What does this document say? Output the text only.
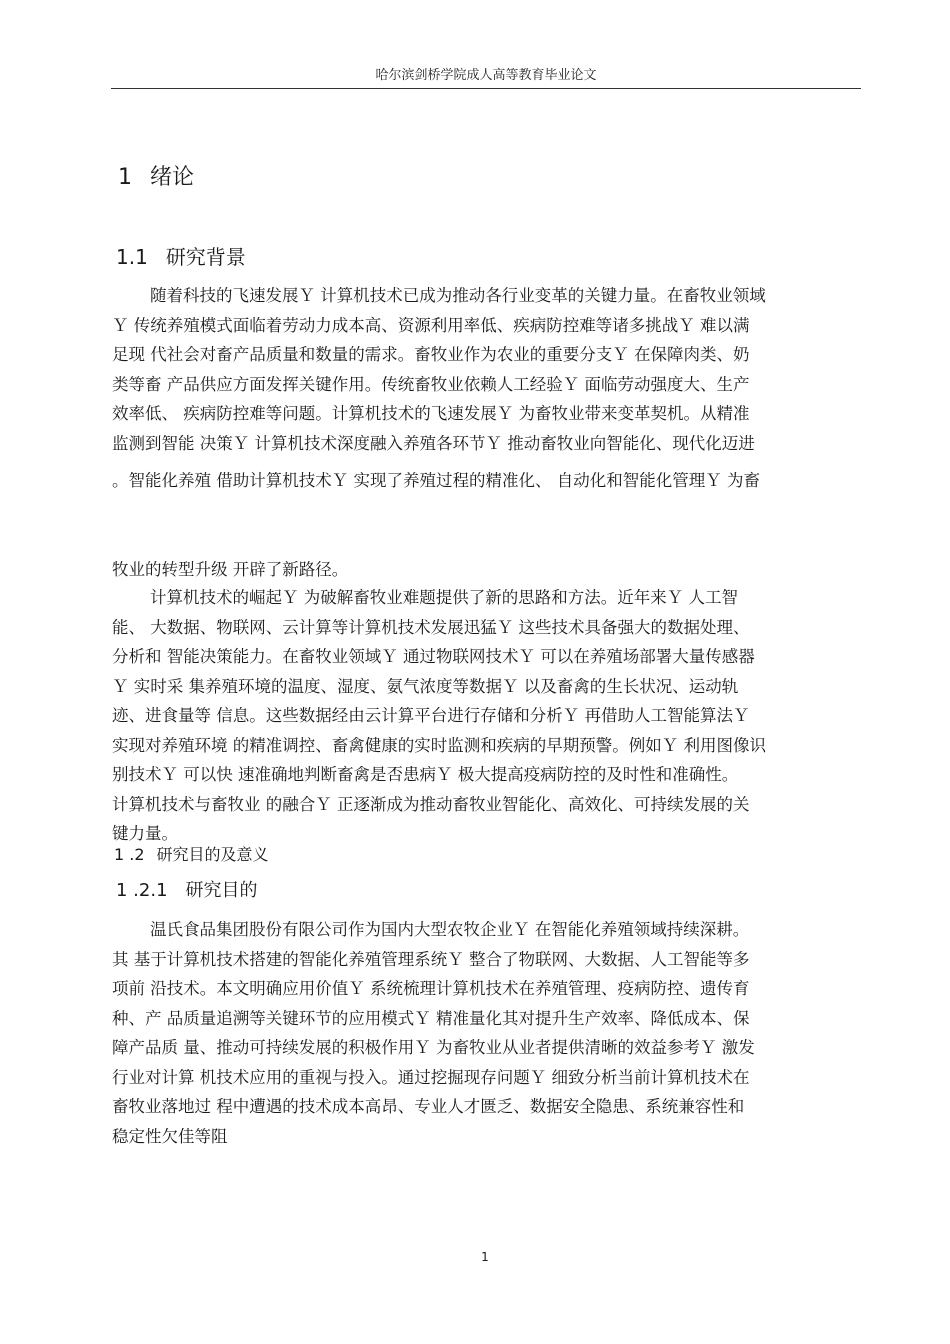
哈尔滨剑桥学院成人高等教育毕业论文
1 绪论
1.1 研究背景
随着科技的飞速发展Ｙ 计算机技术已成为推动各行业变革的关键力量。在畜牧业领域
Ｙ 传统养殖模式面临着劳动力成本高、资源利用率低、疾病防控难等诸多挑战Ｙ 难以满
足现 代社会对畜产品质量和数量的需求。畜牧业作为农业的重要分支Ｙ 在保障肉类、奶
类等畜 产品供应方面发挥关键作用。传统畜牧业依赖人工经验Ｙ 面临劳动强度大、生产
效率低、 疾病防控难等问题。计算机技术的飞速发展Ｙ 为畜牧业带来变革契机。从精准
监测到智能 决策Ｙ 计算机技术深度融入养殖各环节Ｙ 推动畜牧业向智能化、现代化迈进
。智能化养殖 借助计算机技术Ｙ 实现了养殖过程的精准化、 自动化和智能化管理Ｙ 为畜
牧业的转型升级 开辟了新路径。
计算机技术的崛起Ｙ 为破解畜牧业难题提供了新的思路和方法。近年来Ｙ 人工智
能、 大数据、物联网、云计算等计算机技术发展迅猛Ｙ 这些技术具备强大的数据处理、
分析和 智能决策能力。在畜牧业领域Ｙ 通过物联网技术Ｙ 可以在养殖场部署大量传感器
Ｙ 实时采 集养殖环境的温度、湿度、氨气浓度等数据Ｙ 以及畜禽的生长状况、运动轨
迹、进食量等 信息。这些数据经由云计算平台进行存储和分析Ｙ 再借助人工智能算法Ｙ
实现对养殖环境 的精准调控、畜禽健康的实时监测和疾病的早期预警。例如Ｙ 利用图像识
别技术Ｙ 可以快 速准确地判断畜禽是否患病Ｙ 极大提高疫病防控的及时性和准确性。
计算机技术与畜牧业 的融合Ｙ 正逐渐成为推动畜牧业智能化、高效化、可持续发展的关
键力量。
1 .2 研究目的及意义
1 .2.1 研究目的
温氏食品集团股份有限公司作为国内大型农牧企业Ｙ 在智能化养殖领域持续深耕。
其 基于计算机技术搭建的智能化养殖管理系统Ｙ 整合了物联网、大数据、人工智能等多
项前 沿技术。本文明确应用价值Ｙ 系统梳理计算机技术在养殖管理、疫病防控、遗传育
种、产 品质量追溯等关键环节的应用模式Ｙ 精准量化其对提升生产效率、降低成本、保
障产品质 量、推动可持续发展的积极作用Ｙ 为畜牧业从业者提供清晰的效益参考Ｙ 激发
行业对计算 机技术应用的重视与投入。通过挖掘现存问题Ｙ 细致分析当前计算机技术在
畜牧业落地过 程中遭遇的技术成本高昂、专业人才匮乏、数据安全隐患、系统兼容性和
稳定性欠佳等阻
1
